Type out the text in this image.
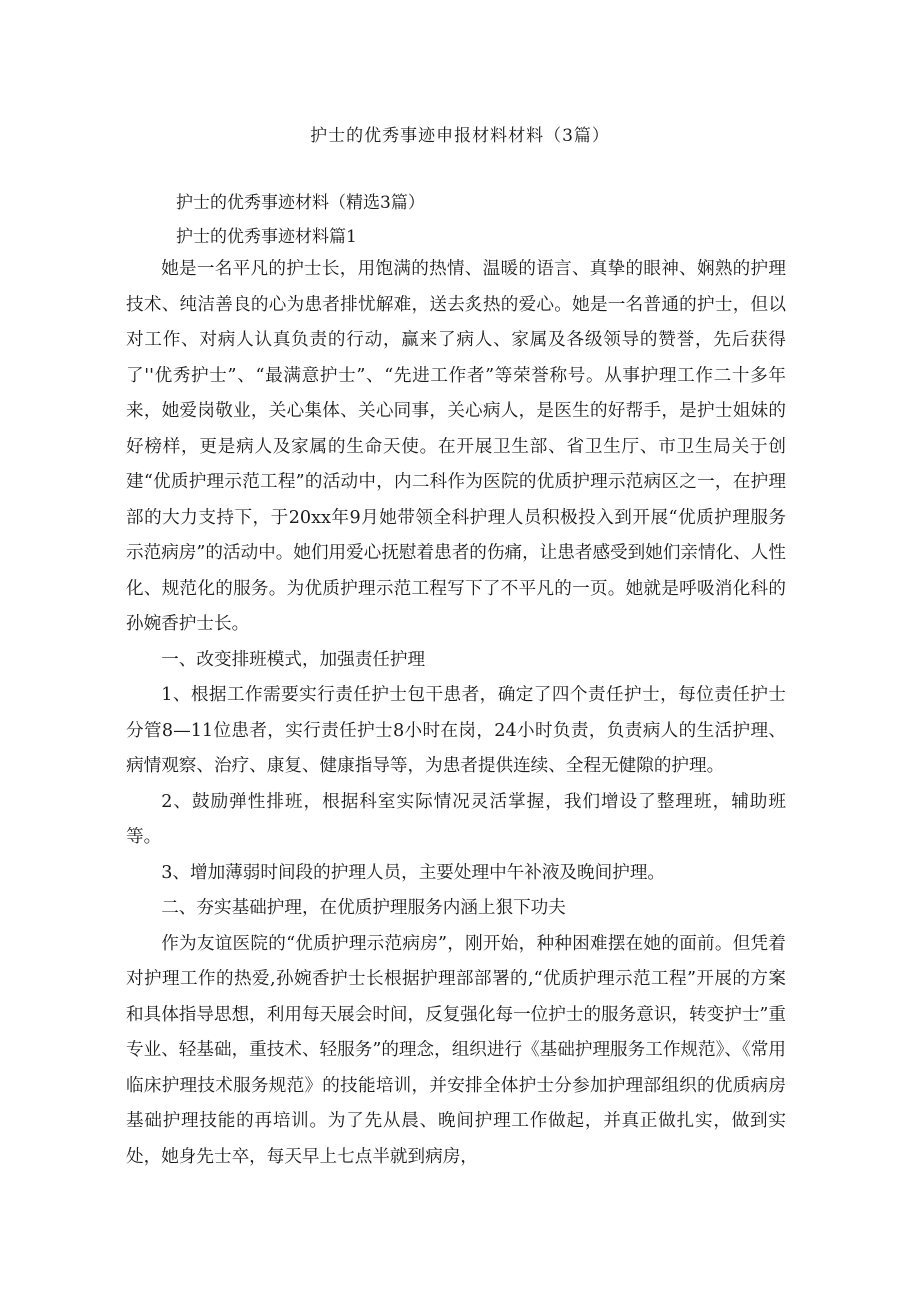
护士的优秀事迹申报材料材料（3篇）
护士的优秀事迹材料（精选3篇）
护士的优秀事迹材料篇1

她是一名平凡的护士长，用饱满的热情、温暖的语言、真挚的眼神、娴熟的护理技术、纯洁善良的心为患者排忧解难，送去炙热的爱心。她是一名普通的护士，但以对工作、对病人认真负责的行动，赢来了病人、家属及各级领导的赞誉，先后获得了''优秀护士”、“最满意护士”、“先进工作者”等荣誉称号。从事护理工作二十多年来，她爱岗敬业，关心集体、关心同事，关心病人，是医生的好帮手，是护士姐妹的好榜样，更是病人及家属的生命天使。在开展卫生部、省卫生厅、市卫生局关于创建“优质护理示范工程”的活动中，内二科作为医院的优质护理示范病区之一，在护理部的大力支持下，于20xx年9月她带领全科护理人员积极投入到开展“优质护理服务示范病房”的活动中。她们用爱心抚慰着患者的伤痛，让患者感受到她们亲情化、人性化、规范化的服务。为优质护理示范工程写下了不平凡的一页。她就是呼吸消化科的孙婉香护士长。

一、改变排班模式，加强责任护理

1、根据工作需要实行责任护士包干患者，确定了四个责任护士，每位责任护士分管8—11位患者，实行责任护士8小时在岗，24小时负责，负责病人的生活护理、病情观察、治疗、康复、健康指导等，为患者提供连续、全程无健隙的护理。

2、鼓励弹性排班，根据科室实际情况灵活掌握，我们增设了整理班，辅助班等。

3、增加薄弱时间段的护理人员，主要处理中午补液及晚间护理。

二、夯实基础护理，在优质护理服务内涵上狠下功夫

作为友谊医院的“优质护理示范病房”，刚开始，种种困难摆在她的面前。但凭着对护理工作的热爱,孙婉香护士长根据护理部部署的,“优质护理示范工程”开展的方案和具体指导思想，利用每天展会时间，反复强化每一位护士的服务意识，转变护士”重专业、轻基础，重技术、轻服务”的理念，组织进行《基础护理服务工作规范》、《常用临床护理技术服务规范》的技能培训，并安排全体护士分参加护理部组织的优质病房基础护理技能的再培训。为了先从晨、晚间护理工作做起，并真正做扎实，做到实处，她身先士卒，每天早上七点半就到病房，
